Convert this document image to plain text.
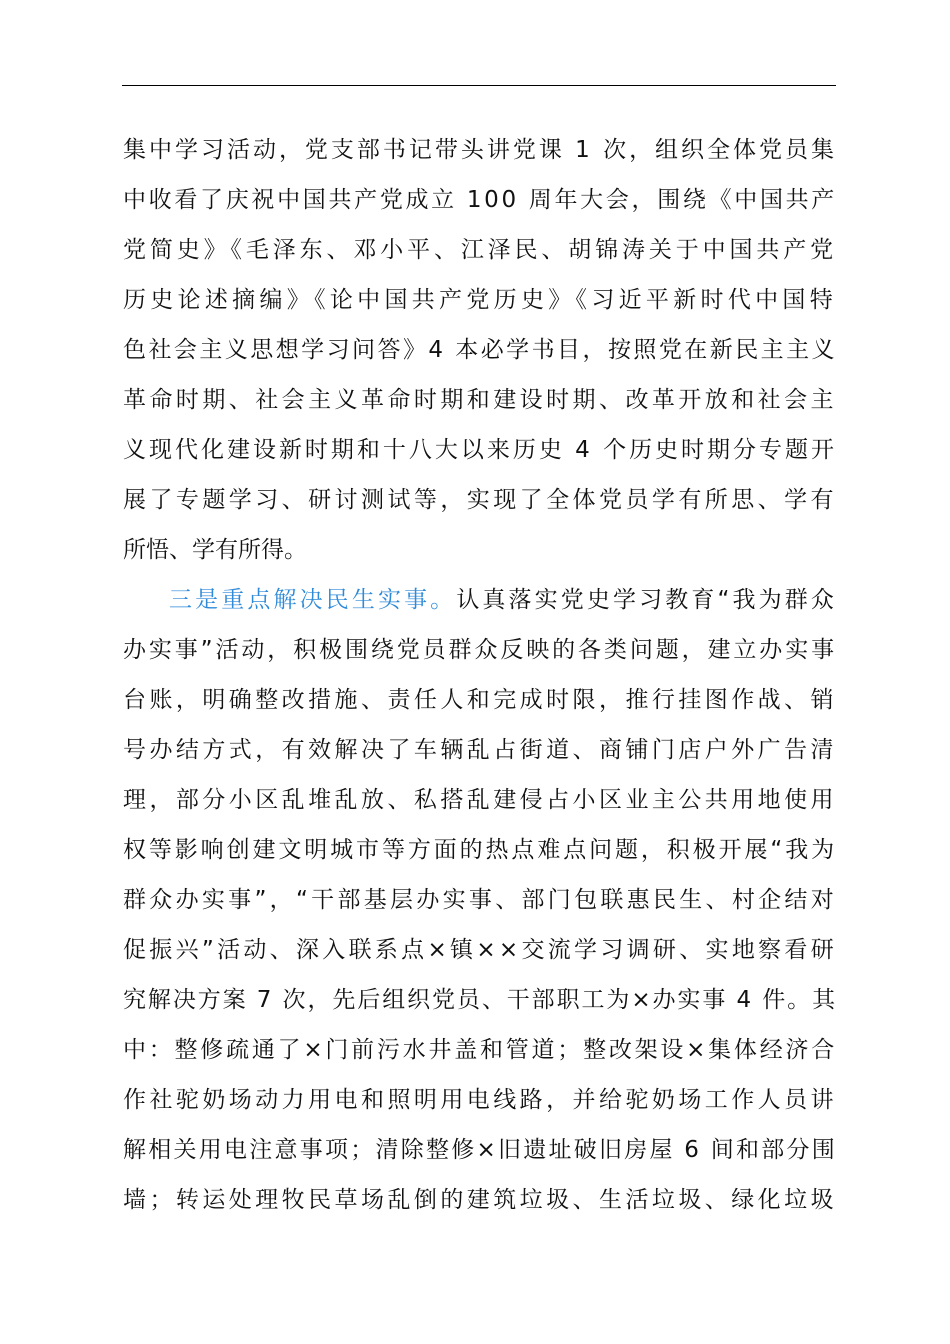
集中学习活动，党支部书记带头讲党课 1 次，组织全体党员集
中收看了庆祝中国共产党成立 100 周年大会，围绕《中国共产
党简史》《毛泽东、邓小平、江泽民、胡锦涛关于中国共产党
历史论述摘编》《论中国共产党历史》《习近平新时代中国特
色社会主义思想学习问答》4 本必学书目，按照党在新民主主义
革命时期、社会主义革命时期和建设时期、改革开放和社会主
义现代化建设新时期和十八大以来历史 4 个历史时期分专题开
展了专题学习、研讨测试等，实现了全体党员学有所思、学有
所悟、学有所得。
三是重点解决民生实事。 认真落实党史学习教育“我为群众
办实事”活动，积极围绕党员群众反映的各类问题，建立办实事
台账，明确整改措施、责任人和完成时限，推行挂图作战、销
号办结方式，有效解决了车辆乱占街道、商铺门店户外广告清
理，部分小区乱堆乱放、私搭乱建侵占小区业主公共用地使用
权等影响创建文明城市等方面的热点难点问题，积极开展“我为
群众办实事”，“干部基层办实事、部门包联惠民生、村企结对
促振兴”活动、深入联系点×镇××交流学习调研、实地察看研
究解决方案 7 次，先后组织党员、干部职工为×办实事 4 件。其
中：整修疏通了×门前污水井盖和管道；整改架设×集体经济合
作社驼奶场动力用电和照明用电线路，并给驼奶场工作人员讲
解相关用电注意事项；清除整修×旧遗址破旧房屋 6 间和部分围
墙；转运处理牧民草场乱倒的建筑垃圾、生活垃圾、绿化垃圾
